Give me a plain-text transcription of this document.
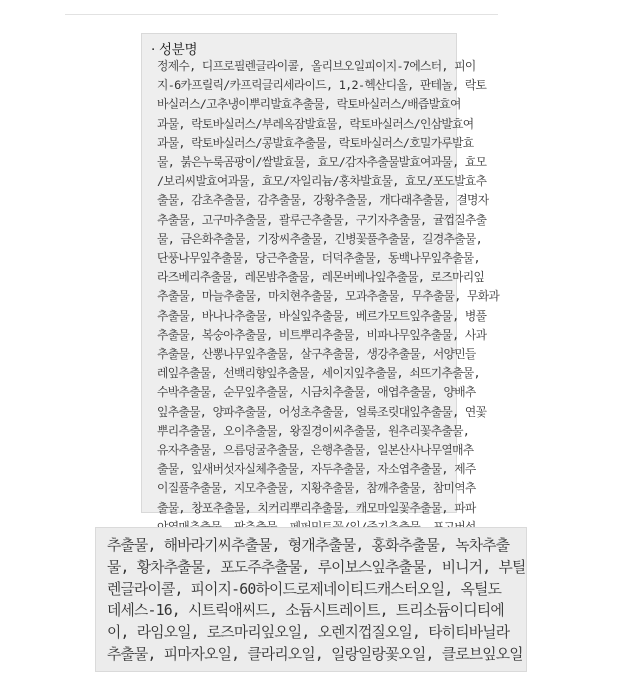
· 성분명
정제수, 디프로필렌글라이콜, 올리브오일피이지-7에스터, 피이
지-6카프릴릭/카프릭글리세라이드, 1,2-헥산디올, 판테놀, 락토
바실러스/고추냉이뿌리발효추출물, 락토바실러스/배즙발효여
과물, 락토바실러스/부레옥잠발효물, 락토바실러스/인삼발효여
과물, 락토바실러스/콩발효추출물, 락토바실러스/호밀가루발효
물, 붉은누룩곰팡이/쌀발효물, 효모/감자추출물발효여과물, 효모
/보리씨발효여과물, 효모/자일리늄/홍차발효물, 효모/포도발효추
출물, 감초추출물, 감추출물, 강황추출물, 개다래추출물, 결명자
추출물, 고구마추출물, 괄루근추출물, 구기자추출물, 귤껍질추출
물, 금은화추출물, 기장씨추출물, 긴병꽃풀추출물, 길경추출물,
단풍나무잎추출물, 당근추출물, 더덕추출물, 동백나무잎추출물,
라즈베리추출물, 레몬밤추출물, 레몬버베나잎추출물, 로즈마리잎
추출물, 마늘추출물, 마치현추출물, 모과추출물, 무추출물, 무화과
추출물, 바나나추출물, 바실잎추출물, 베르가모트잎추출물, 병풀
추출물, 복숭아추출물, 비트뿌리추출물, 비파나무잎추출물, 사과
추출물, 산뽕나무잎추출물, 살구추출물, 생강추출물, 서양민들
레잎추출물, 선백리향잎추출물, 세이지잎추출물, 쇠뜨기추출물,
수박추출물, 순무잎추출물, 시금치추출물, 애엽추출물, 양배추
잎추출물, 양파추출물, 어성초추출물, 얼룩조릿대잎추출물, 연꽃
뿌리추출물, 오이추출물, 왕질경이씨추출물, 원추리꽃추출물,
유자추출물, 으름덩굴추출물, 은행추출물, 일본산사나무열매추
출물, 잎새버섯자실체추출물, 자두추출물, 자소엽추출물, 제주
이질풀추출물, 지모추출물, 지황추출물, 참깨추출물, 참미역추
출물, 창포추출물, 치커리뿌리추출물, 캐모마일꽃추출물, 파파

추출물, 해바라기씨추출물, 형개추출물, 홍화추출물, 녹차추출
물, 황차추출물, 포도주추출물, 루이보스잎추출물, 비니거, 부틸
렌글라이콜, 피이지-60하이드로제네이티드캐스터오일, 옥틸도
데세스-16, 시트릭애씨드, 소듐시트레이트, 트리소듐이디티에
이, 라임오일, 로즈마리잎오일, 오렌지껍질오일, 타히티바닐라
추출물, 피마자오일, 클라리오일, 일랑일랑꽃오일, 클로브잎오일
